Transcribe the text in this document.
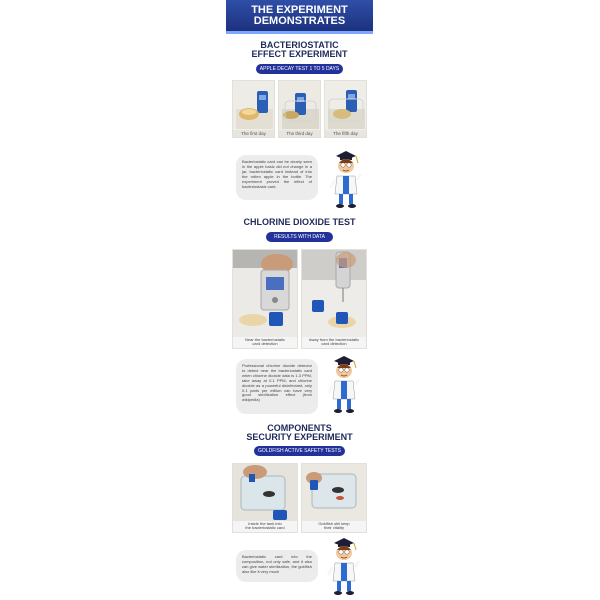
THE EXPERIMENT
DEMONSTRATES
BACTERIOSTATIC
EFFECT EXPERIMENT
APPLE DECAY TEST 1 TO 5 DAYS
The first day	The third day	The fifth day
Bacteriostatic card can be clearly seen in the apple basic did not change in a jar, bacteriostatic card instead of into the rotten apple in the bottle. The experiment proved the effect of bacteriostasis card.
CHLORINE DIOXIDE TEST
RESULTS WITH DATA
Near the bacteriostatic
card detection
Away from the bacteriostatic
card detection
Professional chlorine dioxide detector to detect near the bacteriostatic card when chlorine dioxide data is 1.3 PPM, take away at 0.1 PPM, and chlorine dioxide as a powerful disinfectant, only 0.1 parts per million can have very good sterilization effect (from wikipedia)
COMPONENTS
SECURITY EXPERIMENT
GOLDFISH ACTIVE SAFETY TESTS
Inside the tank into
the bacteriostatic card
Goldfish still keep
their vitality
Bacteriostatic card into the composition, not only safe, and it also can give water sterilization, the goldfish also like it very much
